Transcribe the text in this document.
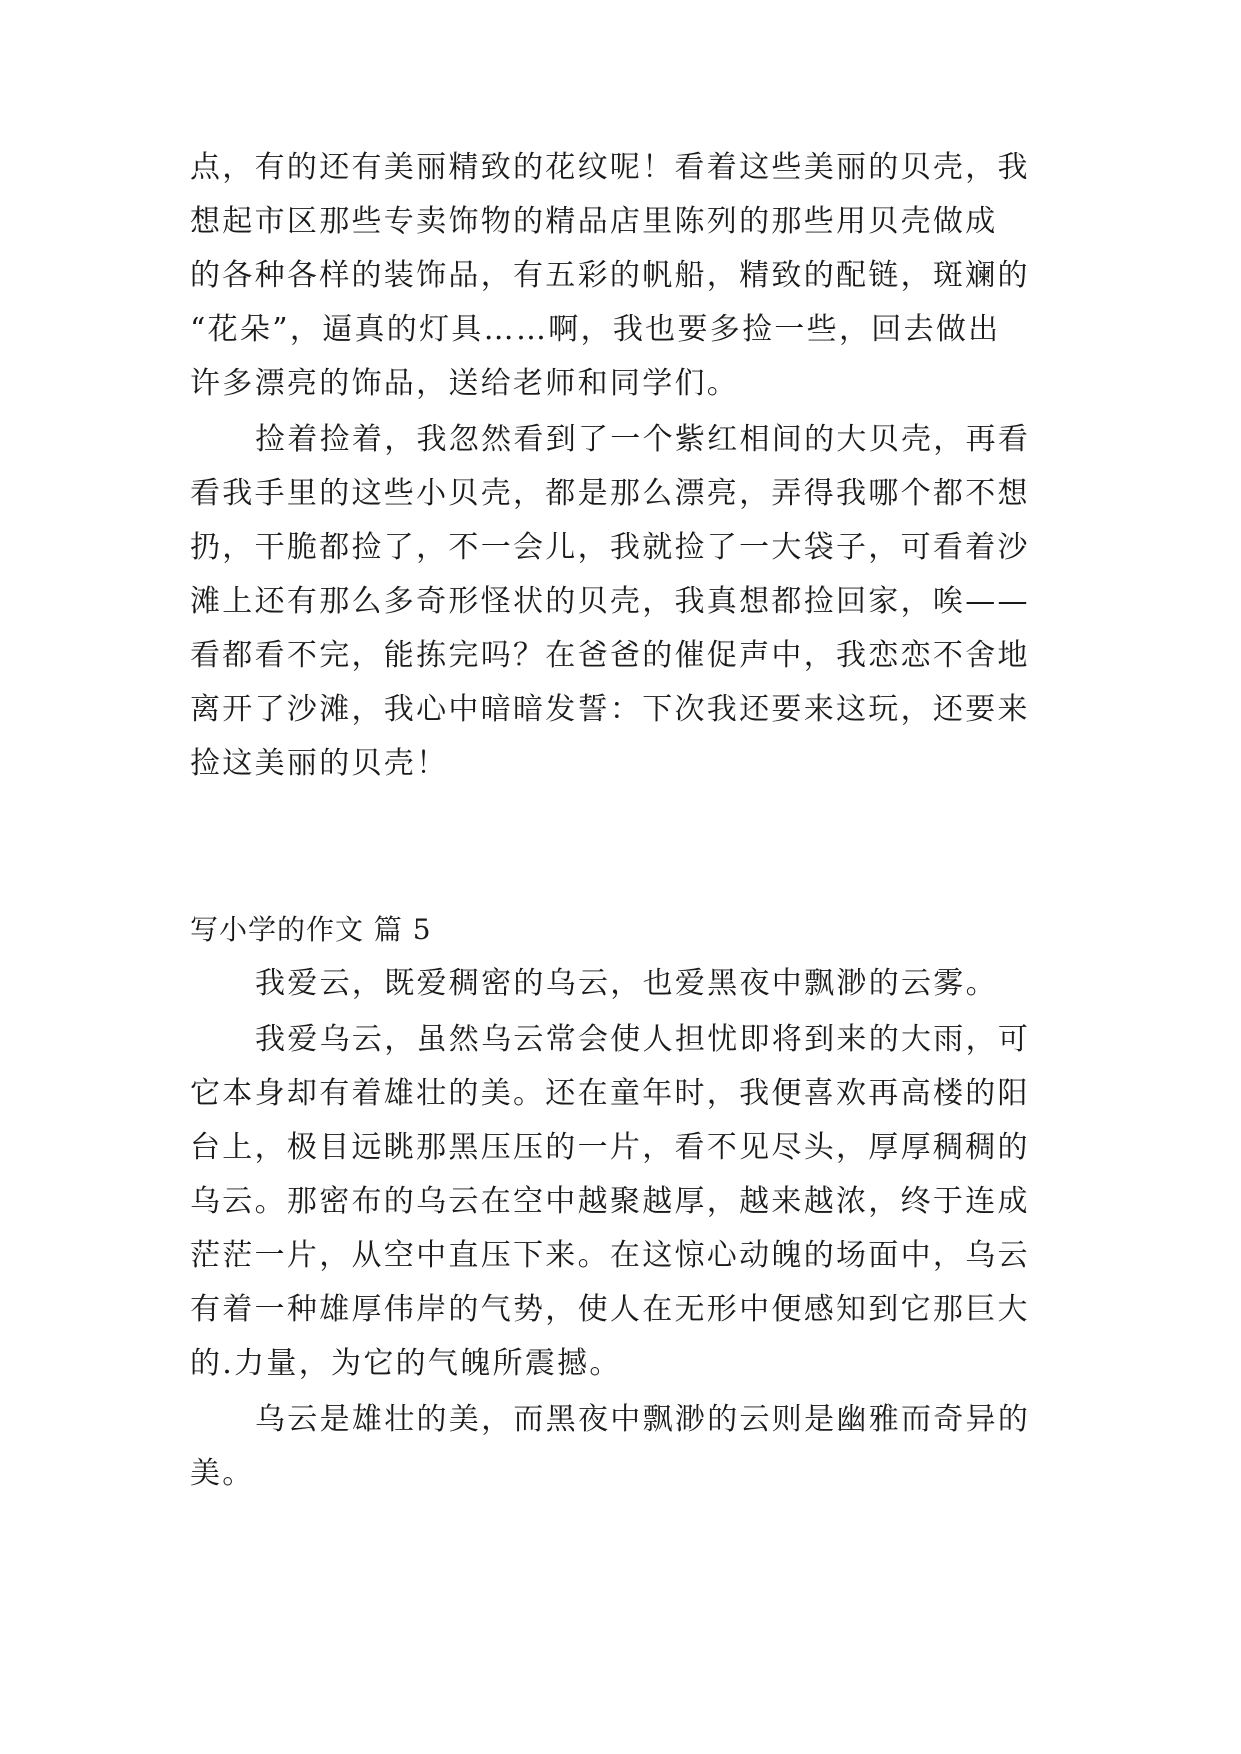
点，有的还有美丽精致的花纹呢！看着这些美丽的贝壳，我
想起市区那些专卖饰物的精品店里陈列的那些用贝壳做成
的各种各样的装饰品，有五彩的帆船，精致的配链，斑斓的
“花朵”，逼真的灯具……啊，我也要多捡一些，回去做出
许多漂亮的饰品，送给老师和同学们。
捡着捡着，我忽然看到了一个紫红相间的大贝壳，再看
看我手里的这些小贝壳，都是那么漂亮，弄得我哪个都不想
扔，干脆都捡了，不一会儿，我就捡了一大袋子，可看着沙
滩上还有那么多奇形怪状的贝壳，我真想都捡回家，唉——
看都看不完，能拣完吗？在爸爸的催促声中，我恋恋不舍地
离开了沙滩，我心中暗暗发誓：下次我还要来这玩，还要来
捡这美丽的贝壳！
写小学的作文 篇 5
我爱云，既爱稠密的乌云，也爱黑夜中飘渺的云雾。
我爱乌云，虽然乌云常会使人担忧即将到来的大雨，可
它本身却有着雄壮的美。还在童年时，我便喜欢再高楼的阳
台上，极目远眺那黑压压的一片，看不见尽头，厚厚稠稠的
乌云。那密布的乌云在空中越聚越厚，越来越浓，终于连成
茫茫一片，从空中直压下来。在这惊心动魄的场面中，乌云
有着一种雄厚伟岸的气势，使人在无形中便感知到它那巨大
的.力量，为它的气魄所震撼。
乌云是雄壮的美，而黑夜中飘渺的云则是幽雅而奇异的
美。
